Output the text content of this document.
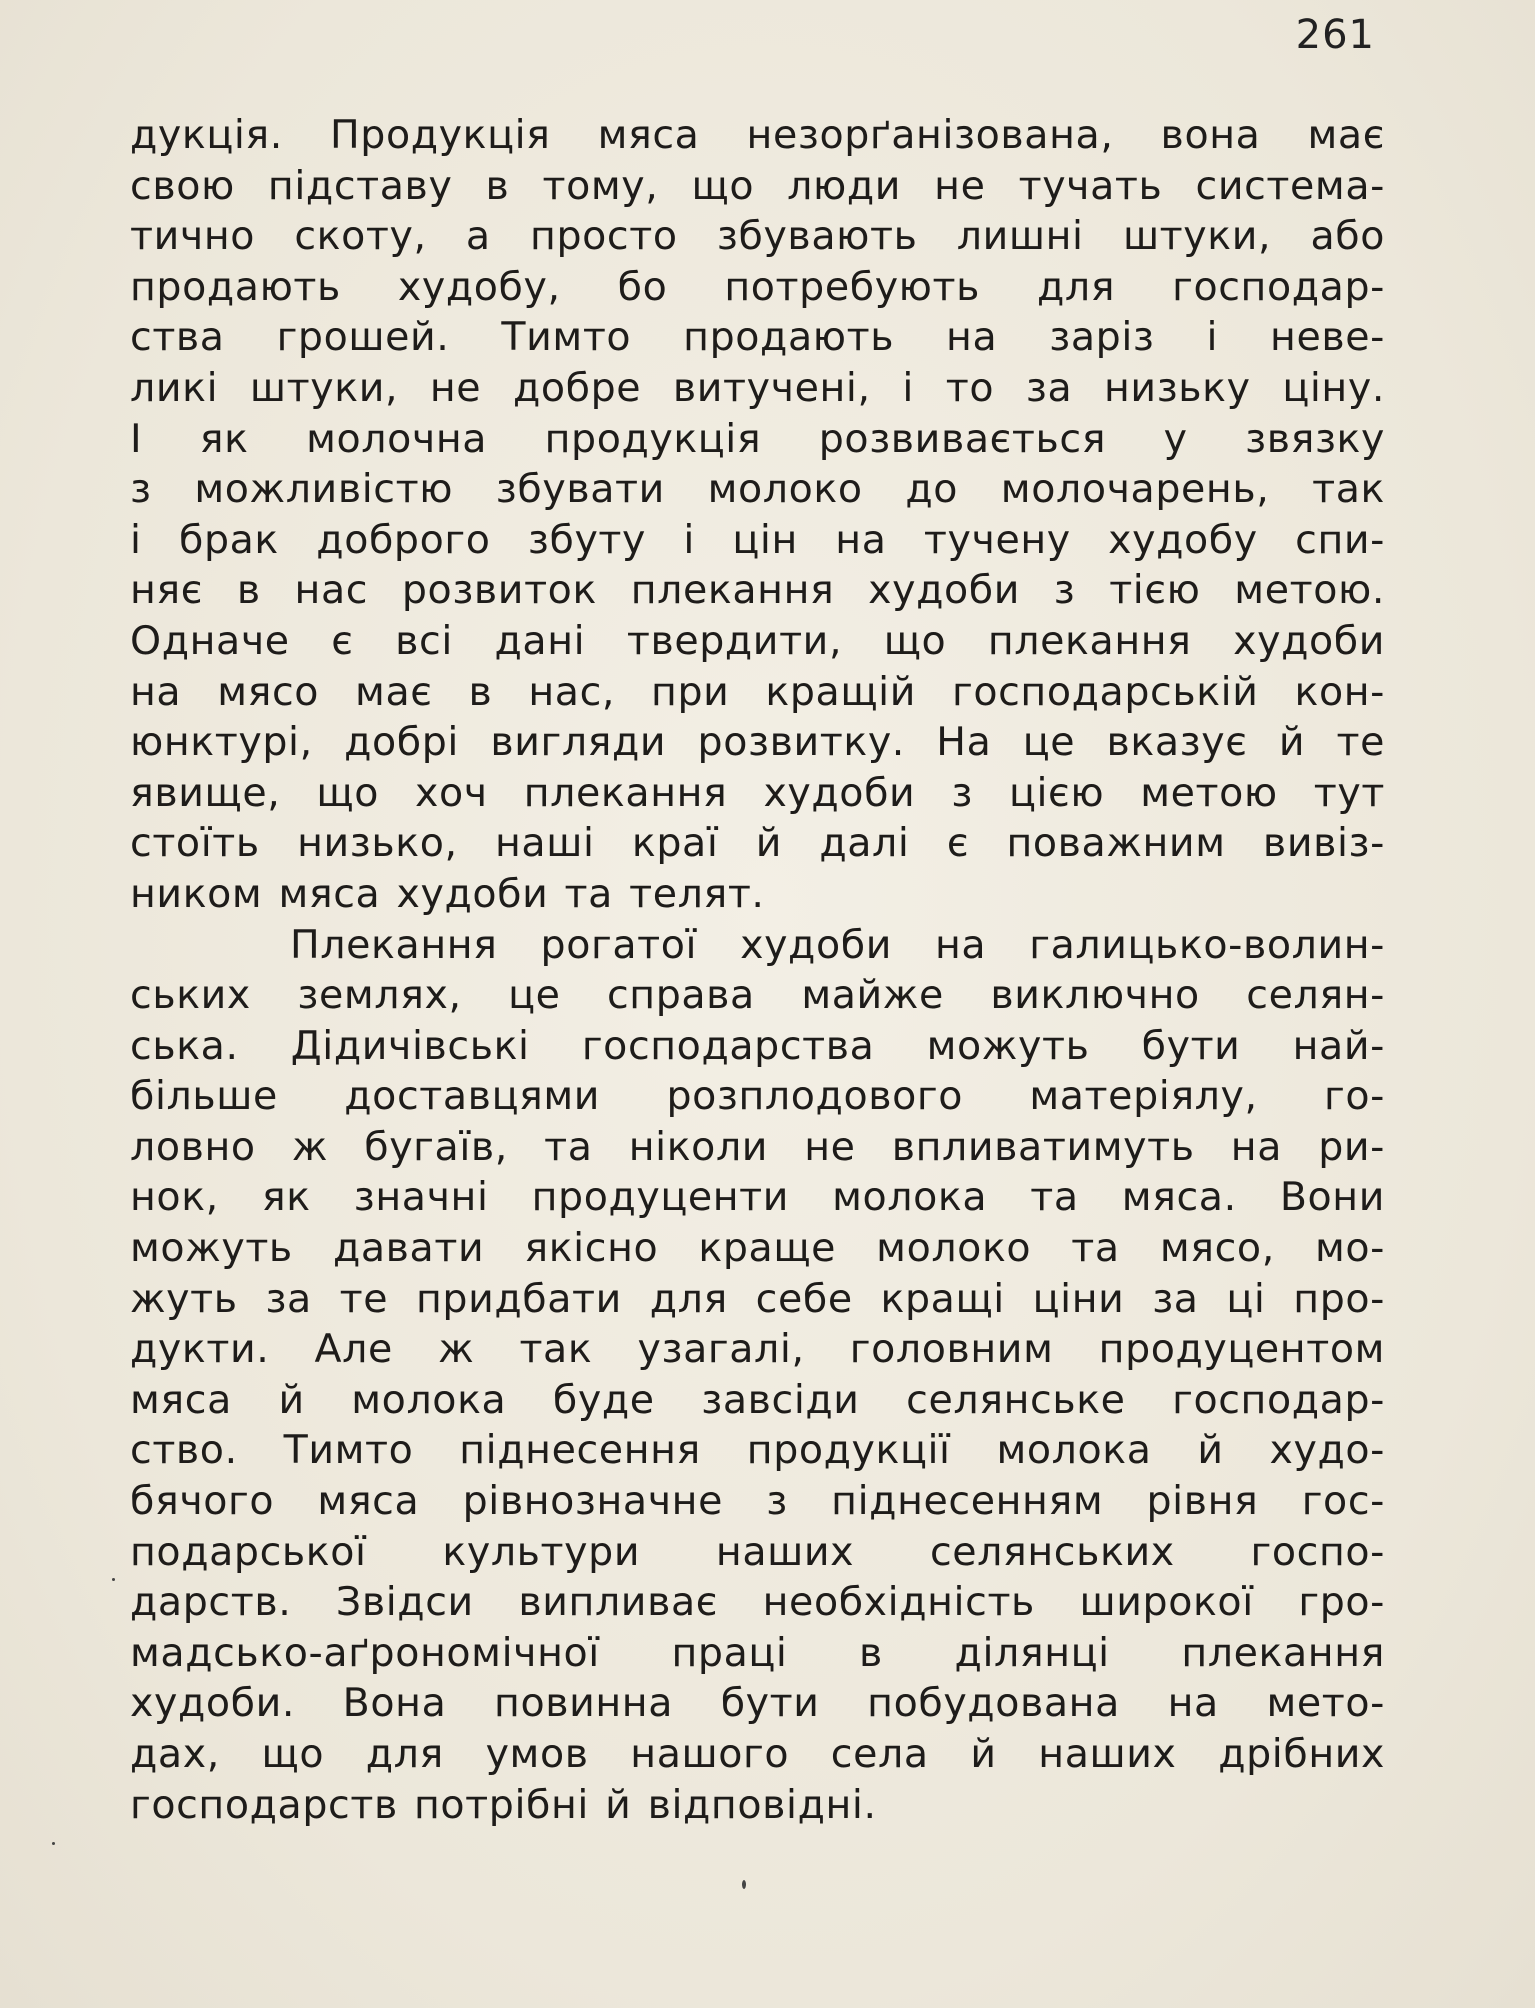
261
дукція. Продукція мяса незорґанізована, вона має
свою підставу в тому, що люди не тучать система-
тично скоту, а просто збувають лишні штуки, або
продають худобу, бо потребують для господар-
ства грошей. Тимто продають на заріз і неве-
ликі штуки, не добре витучені, і то за низьку ціну.
І як молочна продукція розвивається у звязку
з можливістю збувати молоко до молочарень, так
і брак доброго збуту і цін на тучену худобу спи-
няє в нас розвиток плекання худоби з тією метою.
Одначе є всі дані твердити, що плекання худоби
на мясо має в нас, при кращій господарській кон-
юнктурі, добрі вигляди розвитку. На це вказує й те
явище, що хоч плекання худоби з цією метою тут
стоїть низько, наші краї й далі є поважним вивіз-
ником мяса худоби та телят.
Плекання рогатої худоби на галицько-волин-
ських землях, це справа майже виключно селян-
ська. Дідичівські господарства можуть бути най-
більше доставцями розплодового матеріялу, го-
ловно ж бугаїв, та ніколи не впливатимуть на ри-
нок, як значні продуценти молока та мяса. Вони
можуть давати якісно краще молоко та мясо, мо-
жуть за те придбати для себе кращі ціни за ці про-
дукти. Але ж так узагалі, головним продуцентом
мяса й молока буде завсіди селянське господар-
ство. Тимто піднесення продукції молока й худо-
бячого мяса рівнозначне з піднесенням рівня гос-
подарської культури наших селянських госпо-
дарств. Звідси випливає необхідність широкої гро-
мадсько-аґрономічної праці в ділянці плекання
худоби. Вона повинна бути побудована на мето-
дах, що для умов нашого села й наших дрібних
господарств потрібні й відповідні.
